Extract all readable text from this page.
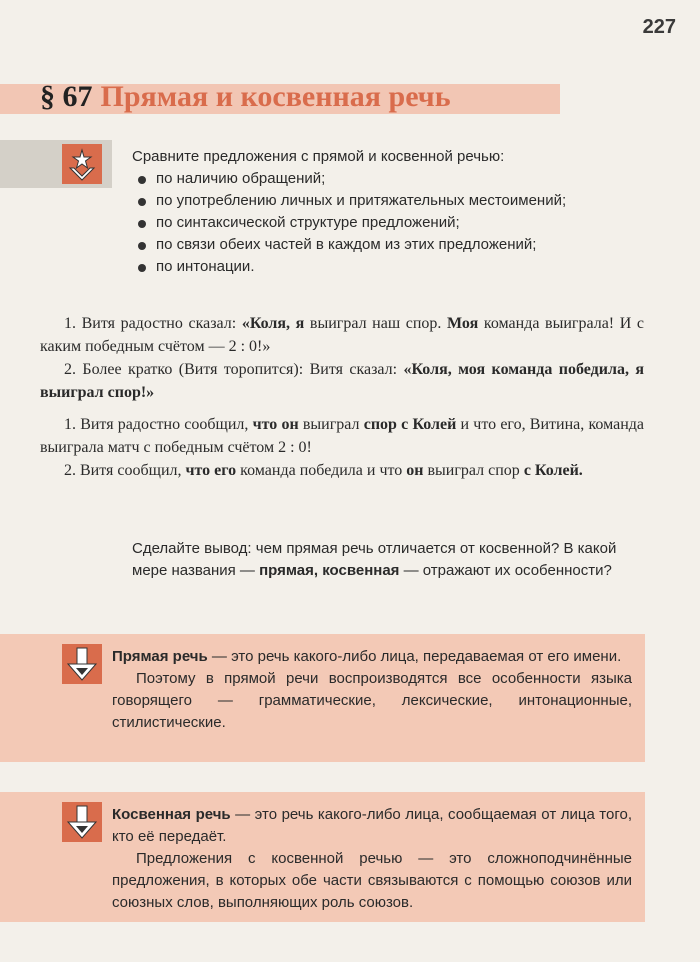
227
§ 67 Прямая и косвенная речь
Сравните предложения с прямой и косвенной речью:
по наличию обращений;
по употреблению личных и притяжательных местоимений;
по синтаксической структуре предложений;
по связи обеих частей в каждом из этих предложений;
по интонации.

1. Витя радостно сказал: «Коля, я выиграл наш спор. Моя команда выиграла! И с каким победным счётом — 2 : 0!»

2. Более кратко (Витя торопится): Витя сказал: «Коля, моя команда победила, я выиграл спор!»

1. Витя радостно сообщил, что он выиграл спор с Колей и что его, Витина, команда выиграла матч с победным счётом 2 : 0!

2. Витя сообщил, что его команда победила и что он выиграл спор с Колей.

Сделайте вывод: чем прямая речь отличается от косвенной? В какой мере названия — прямая, косвенная — отражают их особенности?

Прямая речь — это речь какого-либо лица, передаваемая от его имени.

Поэтому в прямой речи воспроизводятся все особенности языка говорящего — грамматические, лексические, интонационные, стилистические.

Косвенная речь — это речь какого-либо лица, сообщаемая от лица того, кто её передаёт.

Предложения с косвенной речью — это сложноподчинённые предложения, в которых обе части связываются с помощью союзов или союзных слов, выполняющих роль союзов.
